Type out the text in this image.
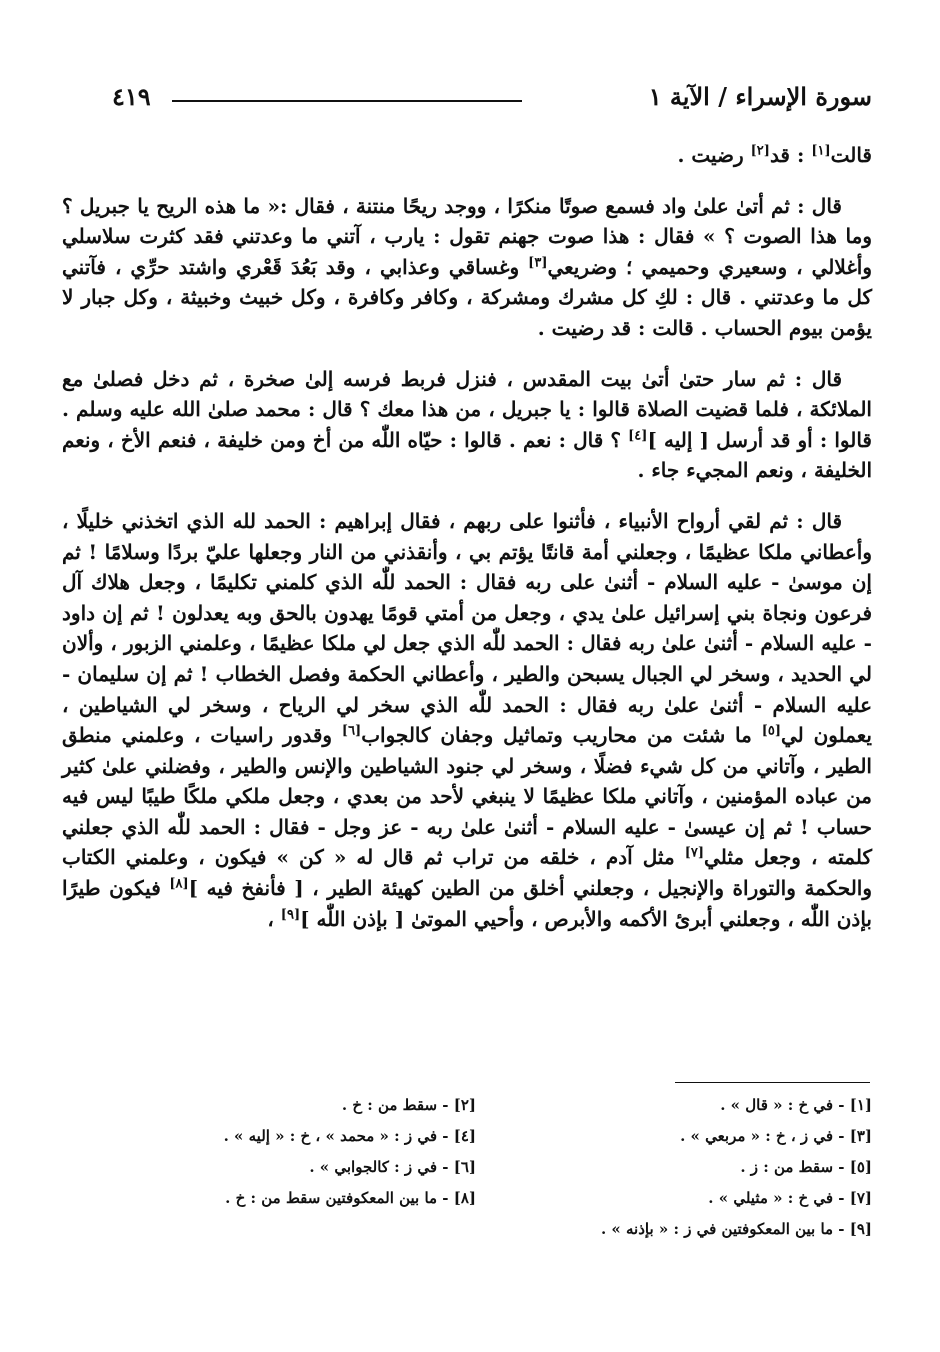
سورة الإسراء / الآية ١
٤١٩

قالت[١] : قد[٢] رضيت .

قال : ثم أتىٰ علىٰ واد فسمع صوتًا منكرًا ، ووجد ريحًا منتنة ، فقال :« ما هذه الريح يا جبريل ؟ وما هذا الصوت ؟ » فقال : هذا صوت جهنم تقول : يارب ، آتني ما وعدتني فقد كثرت سلاسلي وأغلالي ، وسعيري وحميمي ؛ وضريعي[٣] وغساقي وعذابي ، وقد بَعُدَ قَعْري واشتد حرِّي ، فآتني كل ما وعدتني . قال : لكِ كل مشرك ومشركة ، وكافر وكافرة ، وكل خبيث وخبيثة ، وكل جبار لا يؤمن بيوم الحساب . قالت : قد رضيت .

قال : ثم سار حتىٰ أتىٰ بيت المقدس ، فنزل فربط فرسه إلىٰ صخرة ، ثم دخل فصلىٰ مع الملائكة ، فلما قضيت الصلاة قالوا : يا جبريل ، من هذا معك ؟ قال : محمد صلىٰ الله عليه وسلم . قالوا : أو قد أرسل [ إليه ][٤] ؟ قال : نعم . قالوا : حيّاه اللّٰه من أخ ومن خليفة ، فنعم الأخ ، ونعم الخليفة ، ونعم المجيء جاء .

قال : ثم لقي أرواح الأنبياء ، فأثنوا على ربهم ، فقال إبراهيم : الحمد لله الذي اتخذني خليلًا ، وأعطاني ملكا عظيمًا ، وجعلني أمة قانتًا يؤتم بي ، وأنقذني من النار وجعلها عليّ بردًا وسلامًا ! ثم إن موسىٰ - عليه السلام - أثنىٰ على ربه فقال : الحمد للّٰه الذي كلمني تكليمًا ، وجعل هلاك آل فرعون ونجاة بني إسرائيل علىٰ يدي ، وجعل من أمتي قومًا يهدون بالحق وبه يعدلون ! ثم إن داود - عليه السلام - أثنىٰ علىٰ ربه فقال : الحمد للّٰه الذي جعل لي ملكا عظيمًا ، وعلمني الزبور ، وألان لي الحديد ، وسخر لي الجبال يسبحن والطير ، وأعطاني الحكمة وفصل الخطاب ! ثم إن سليمان - عليه السلام - أثنىٰ علىٰ ربه فقال : الحمد للّٰه الذي سخر لي الرياح ، وسخر لي الشياطين ، يعملون لي[٥] ما شئت من محاريب وتماثيل وجفان كالجواب[٦] وقدور راسيات ، وعلمني منطق الطير ، وآتاني من كل شيء فضلًا ، وسخر لي جنود الشياطين والإنس والطير ، وفضلني علىٰ كثير من عباده المؤمنين ، وآتاني ملكا عظيمًا لا ينبغي لأحد من بعدي ، وجعل ملكي ملكًا طيبًا ليس فيه حساب ! ثم إن عيسىٰ - عليه السلام - أثنىٰ علىٰ ربه - عز وجل - فقال : الحمد للّٰه الذي جعلني كلمته ، وجعل مثلي[٧] مثل آدم ، خلقه من تراب ثم قال له « كن » فيكون ، وعلمني الكتاب والحكمة والتوراة والإنجيل ، وجعلني أخلق من الطين كهيئة الطير ، [ فأنفخ فيه ][٨] فيكون طيرًا بإذن اللّٰه ، وجعلني أبرئ الأكمه والأبرص ، وأحيي الموتىٰ [ بإذن اللّٰه ][٩] ،

[١] - في خ : « قال » .
[٢] - سقط من : خ .
[٣] - في ز ، خ : « مربعي » .
[٤] - في ز : « محمد » ، خ : « إليه » .
[٥] - سقط من : ز .
[٦] - في ز : كالجوابي » .
[٧] - في خ : « مثيلي » .
[٨] - ما بين المعكوفتين سقط من : خ .
[٩] - ما بين المعكوفتين في ز : « بإذنه » .
